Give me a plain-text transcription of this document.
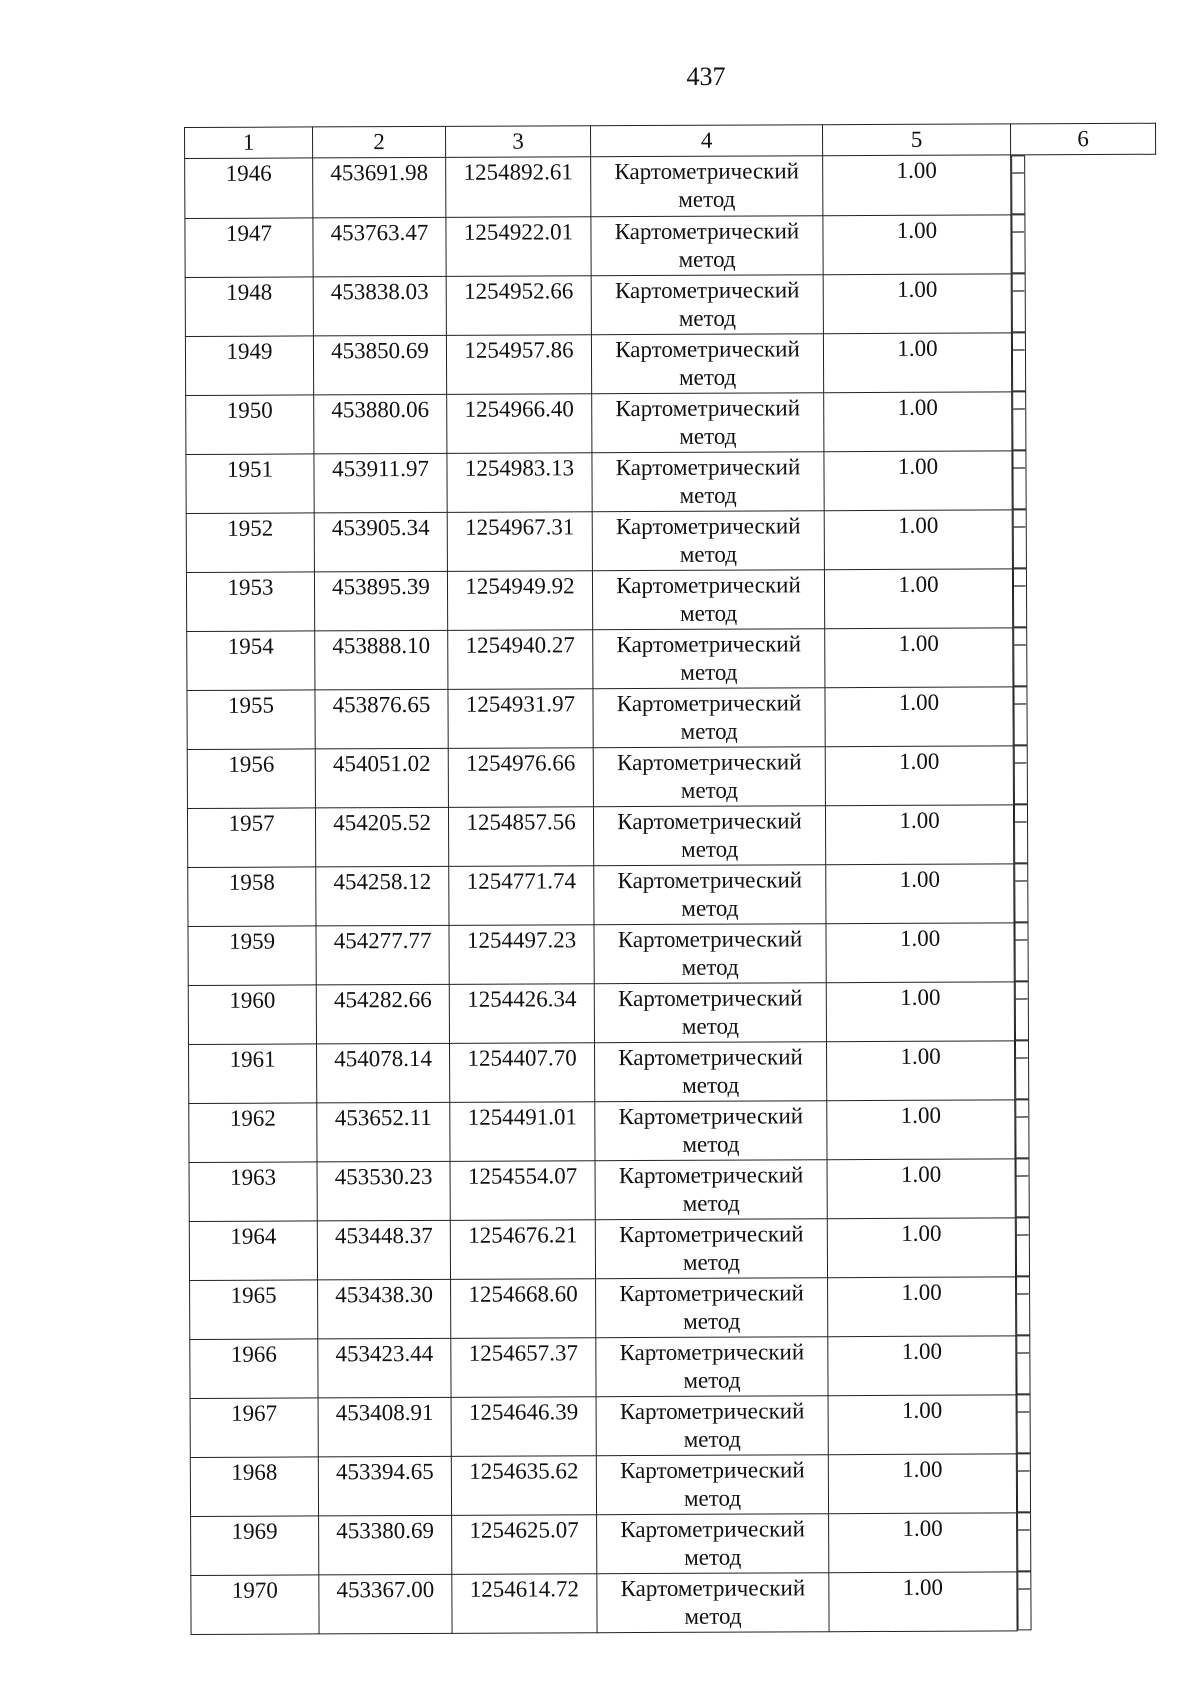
437
1	2	3	4	5	6
1946	453691.98	1254892.61	Картометрический метод	1.00		–
1947	453763.47	1254922.01	Картометрический метод	1.00		–
1948	453838.03	1254952.66	Картометрический метод	1.00		–
1949	453850.69	1254957.86	Картометрический метод	1.00		–
1950	453880.06	1254966.40	Картометрический метод	1.00		–
1951	453911.97	1254983.13	Картометрический метод	1.00		–
1952	453905.34	1254967.31	Картометрический метод	1.00		–
1953	453895.39	1254949.92	Картометрический метод	1.00		–
1954	453888.10	1254940.27	Картометрический метод	1.00		–
1955	453876.65	1254931.97	Картометрический метод	1.00		–
1956	454051.02	1254976.66	Картометрический метод	1.00		–
1957	454205.52	1254857.56	Картометрический метод	1.00		–
1958	454258.12	1254771.74	Картометрический метод	1.00		–
1959	454277.77	1254497.23	Картометрический метод	1.00		–
1960	454282.66	1254426.34	Картометрический метод	1.00		–
1961	454078.14	1254407.70	Картометрический метод	1.00		–
1962	453652.11	1254491.01	Картометрический метод	1.00		–
1963	453530.23	1254554.07	Картометрический метод	1.00		–
1964	453448.37	1254676.21	Картометрический метод	1.00		–
1965	453438.30	1254668.60	Картометрический метод	1.00		–
1966	453423.44	1254657.37	Картометрический метод	1.00		–
1967	453408.91	1254646.39	Картометрический метод	1.00		–
1968	453394.65	1254635.62	Картометрический метод	1.00		–
1969	453380.69	1254625.07	Картометрический метод	1.00		–
1970	453367.00	1254614.72	Картометрический метод	1.00		–
